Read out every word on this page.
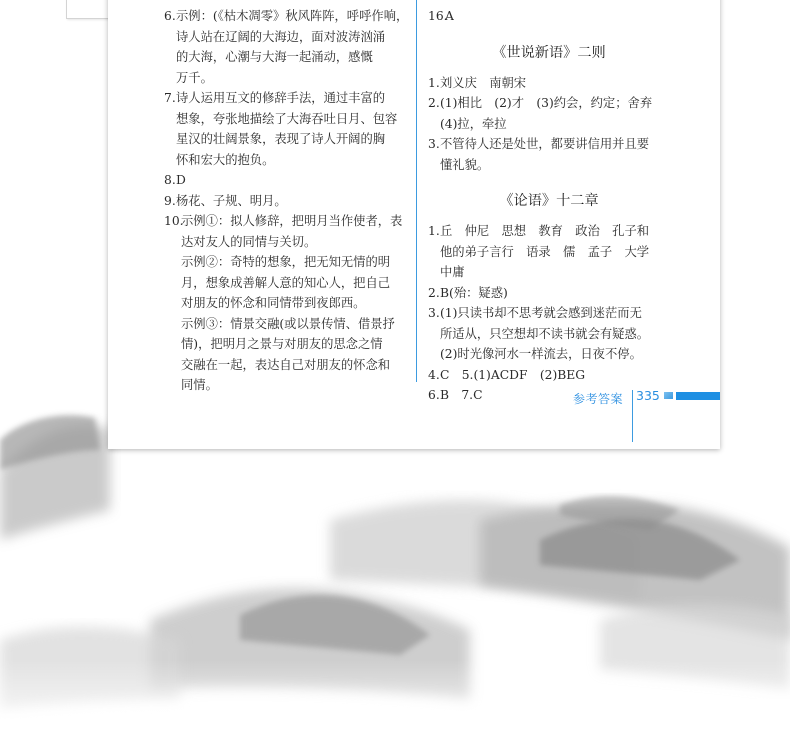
6. 示例：(《枯木凋零》秋风阵阵，呼呼作响，
诗人站在辽阔的大海边，面对波涛汹涌
的大海，心潮与大海一起涌动，感慨
万千。
7. 诗人运用互文的修辞手法，通过丰富的
想象，夸张地描绘了大海吞吐日月、包容
星汉的壮阔景象，表现了诗人开阔的胸
怀和宏大的抱负。
8. D
9. 杨花、子规、明月。
10.
示例①：拟人修辞，把明月当作使者，表
达对友人的同情与关切。
示例②：奇特的想象，把无知无情的明
月，想象成善解人意的知心人，把自己
对朋友的怀念和同情带到夜郎西。
示例③：情景交融(或以景传情、借景抒
情)，把明月之景与对朋友的思念之情
交融在一起，表达自己对朋友的怀念和
同情。
16.
A
《世说新语》二则
1. 刘义庆　南朝宋
2. (1)相比　(2)才　(3)约会，约定；舍弃
(4)拉，牵拉
3. 不管待人还是处世，都要讲信用并且要
懂礼貌。
《论语》十二章
1. 丘　仲尼　思想　教育　政治　孔子和
他的弟子言行　语录　儒　孟子　大学
中庸
2. B(殆：疑惑)
3. (1)只读书却不思考就会感到迷茫而无
所适从，只空想却不读书就会有疑惑。
(2)时光像河水一样流去，日夜不停。
4. C　5.(1)ACDF　(2)BEG
6. B　7.C	参考答案 335
